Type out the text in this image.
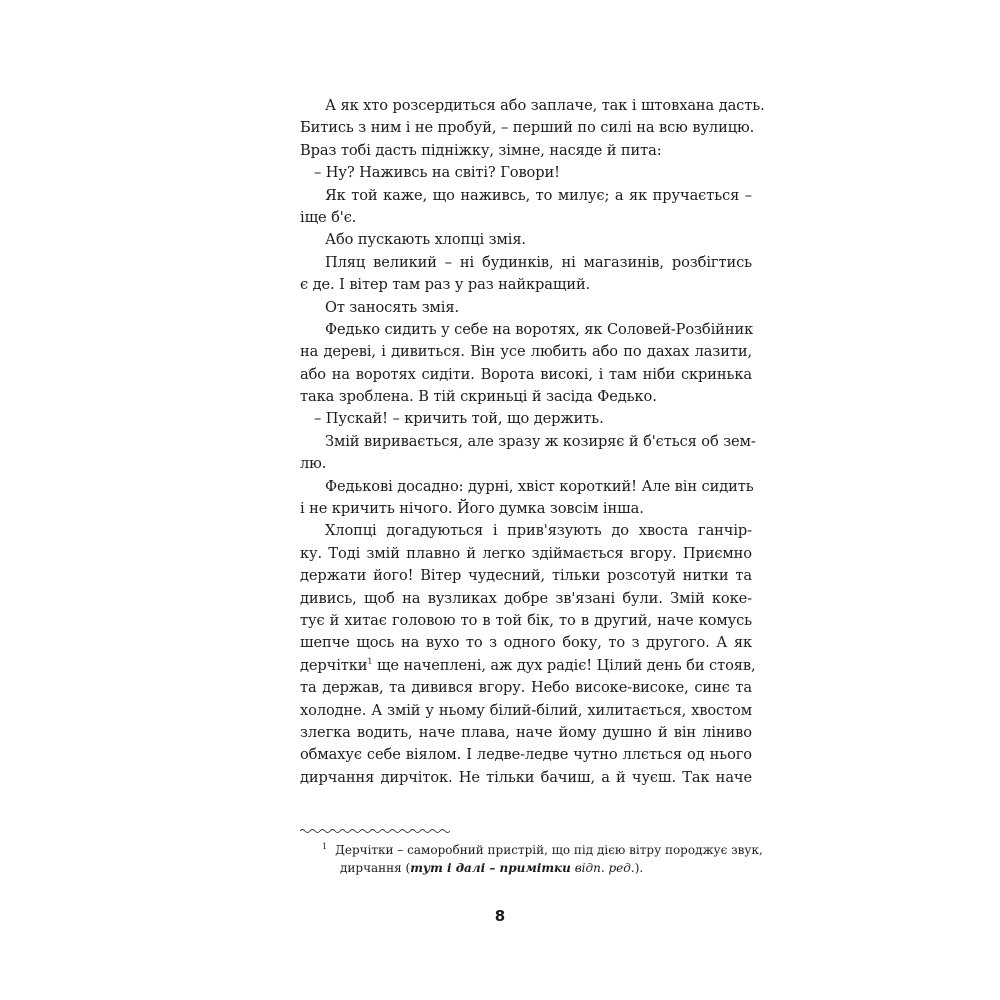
А як хто розсердиться або заплаче, так і штовхана дасть.
Битись з ним і не пробуй, – перший по силі на всю вулицю.
Враз тобі дасть підніжку, зімне, насяде й пита:
– Ну? Наживсь на світі? Говори!
Як той каже, що наживсь, то милує; а як пручається –
іще б'є.
Або пускають хлопці змія.
Пляц великий – ні будинків, ні магазинів, розбігтись
є де. І вітер там раз у раз найкращий.
От заносять змія.
Федько сидить у себе на воротях, як Соловей-Розбійник
на дереві, і дивиться. Він усе любить або по дахах лазити,
або на воротях сидіти. Ворота високі, і там ніби скринька
така зроблена. В тій скриньці й засіда Федько.
– Пускай! – кричить той, що держить.
Змій виривається, але зразу ж козиряє й б'ється об зем-
лю.
Федькові досадно: дурні, хвіст короткий! Але він сидить
і не кричить нічого. Його думка зовсім інша.
Хлопці догадуються і прив'язують до хвоста ганчір-
ку. Тоді змій плавно й легко здіймається вгору. Приємно
держати його! Вітер чудесний, тільки розсотуй нитки та
дивись, щоб на вузликах добре зв'язані були. Змій коке-
тує й хитає головою то в той бік, то в другий, наче комусь
шепче щось на вухо то з одного боку, то з другого. А як
дерчітки$^1$ ще начеплені, аж дух радіє! Цілий день би стояв,
та держав, та дивився вгору. Небо високе-високе, синє та
холодне. А змій у ньому білий-білий, хилитається, хвостом
злегка водить, наче плава, наче йому душно й він ліниво
обмахує себе віялом. І ледве-ледве чутно ллється од нього
дирчання дирчіток. Не тільки бачиш, а й чуєш. Так наче
$^1$ Дерчітки – саморобний пристрій, що під дією вітру породжує звук,
дирчання (тут і далі – примітки відп. ред.).
8
